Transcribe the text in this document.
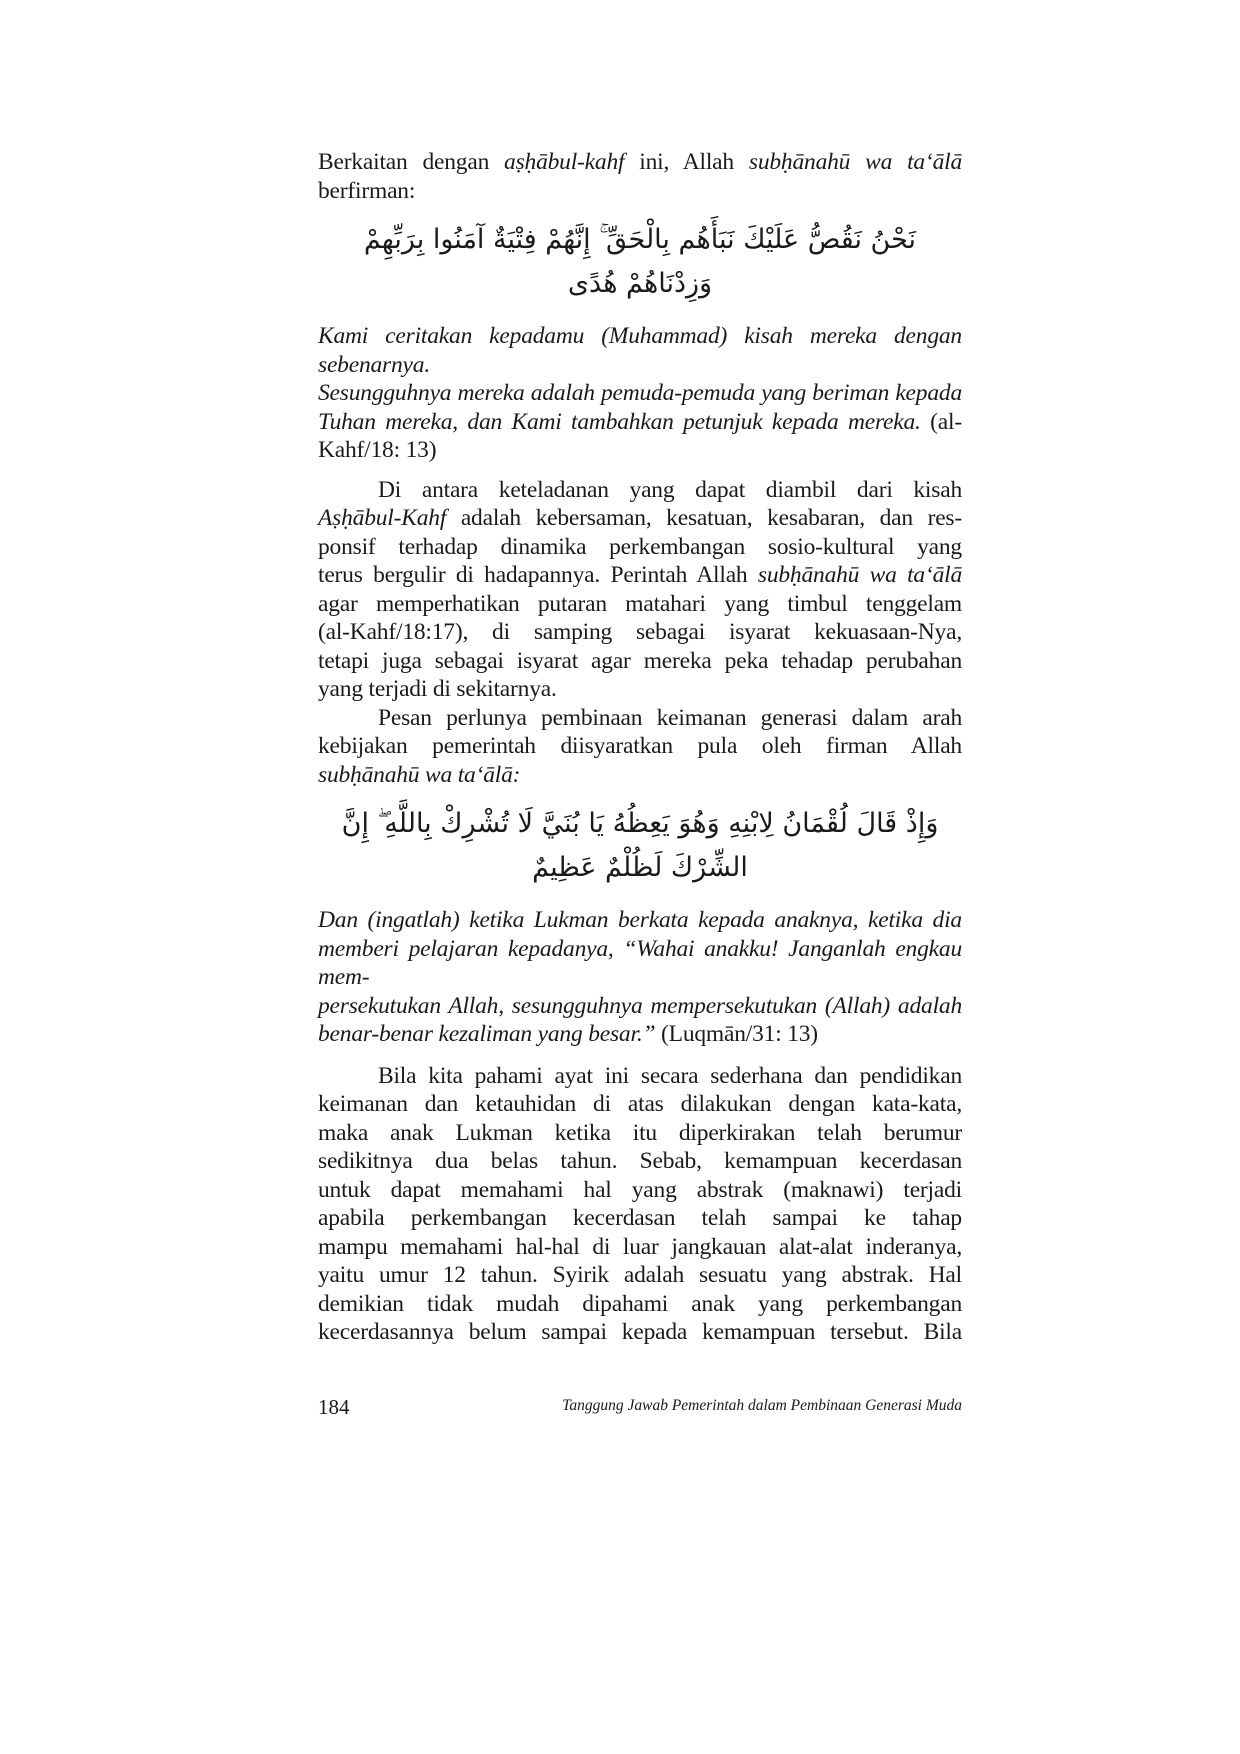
Berkaitan dengan aṣḥābul-kahf ini, Allah subḥānahū wa ta‘ālā
berfirman:
نَحْنُ نَقُصُّ عَلَيْكَ نَبَأَهُم بِالْحَقِّ ۚ إِنَّهُمْ فِتْيَةٌ آمَنُوا بِرَبِّهِمْ وَزِدْنَاهُمْ هُدًى
Kami ceritakan kepadamu (Muhammad) kisah mereka dengan sebenarnya.
Sesungguhnya mereka adalah pemuda-pemuda yang beriman kepada
Tuhan mereka, dan Kami tambahkan petunjuk kepada mereka. (al-
Kahf/18: 13)
Di antara keteladanan yang dapat diambil dari kisah
Aṣḥābul-Kahf adalah kebersaman, kesatuan, kesabaran, dan res-
ponsif terhadap dinamika perkembangan sosio-kultural yang
terus bergulir di hadapannya. Perintah Allah subḥānahū wa ta‘ālā
agar memperhatikan putaran matahari yang timbul tenggelam
(al-Kahf/18:17), di samping sebagai isyarat kekuasaan-Nya,
tetapi juga sebagai isyarat agar mereka peka tehadap perubahan
yang terjadi di sekitarnya.
Pesan perlunya pembinaan keimanan generasi dalam arah
kebijakan pemerintah diisyaratkan pula oleh firman Allah
subḥānahū wa ta‘ālā:
وَإِذْ قَالَ لُقْمَانُ لِابْنِهِ وَهُوَ يَعِظُهُ يَا بُنَيَّ لَا تُشْرِكْ بِاللَّهِ ۖ إِنَّ الشِّرْكَ لَظُلْمٌ عَظِيمٌ
Dan (ingatlah) ketika Lukman berkata kepada anaknya, ketika dia
memberi pelajaran kepadanya, “Wahai anakku! Janganlah engkau mem-
persekutukan Allah, sesungguhnya mempersekutukan (Allah) adalah
benar-benar kezaliman yang besar.” (Luqmān/31: 13)
Bila kita pahami ayat ini secara sederhana dan pendidikan
keimanan dan ketauhidan di atas dilakukan dengan kata-kata,
maka anak Lukman ketika itu diperkirakan telah berumur
sedikitnya dua belas tahun. Sebab, kemampuan kecerdasan
untuk dapat memahami hal yang abstrak (maknawi) terjadi
apabila perkembangan kecerdasan telah sampai ke tahap
mampu memahami hal-hal di luar jangkauan alat-alat inderanya,
yaitu umur 12 tahun. Syirik adalah sesuatu yang abstrak. Hal
demikian tidak mudah dipahami anak yang perkembangan
kecerdasannya belum sampai kepada kemampuan tersebut. Bila
184	Tanggung Jawab Pemerintah dalam Pembinaan Generasi Muda
